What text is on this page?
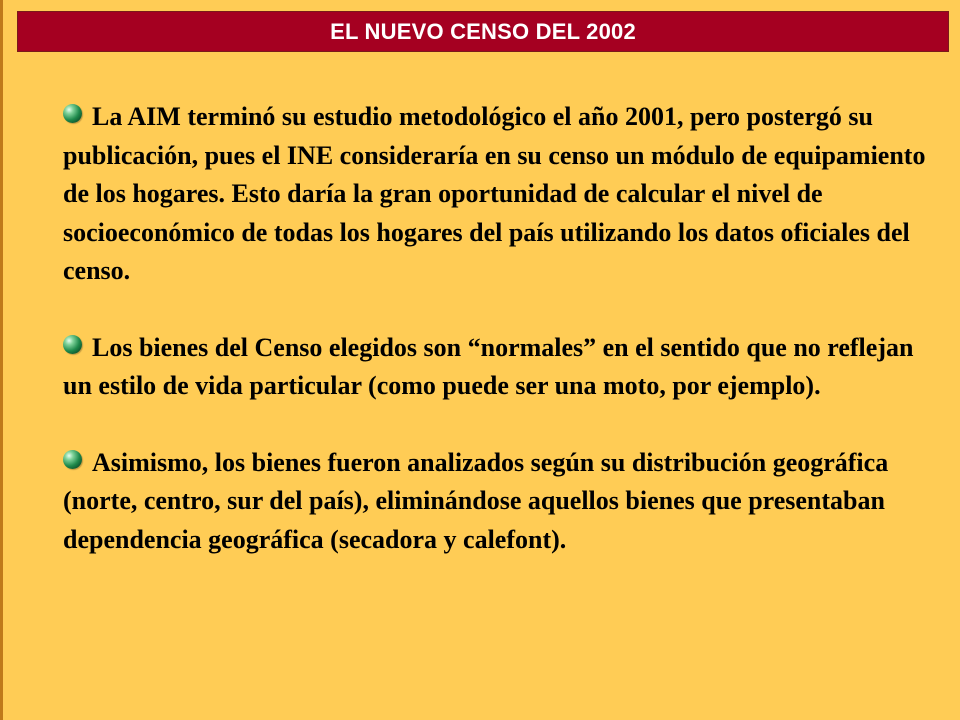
EL NUEVO CENSO DEL 2002

La AIM terminó su estudio metodológico el año 2001, pero postergó su publicación, pues el INE consideraría en su censo un módulo de equipamiento de los hogares. Esto daría la gran oportunidad de calcular el nivel de socioeconómico de todas los hogares del país utilizando los datos oficiales del censo.

Los bienes del Censo elegidos son “normales” en el sentido que no reflejan un estilo de vida particular (como puede ser una moto, por ejemplo).

Asimismo, los bienes fueron analizados según su distribución geográfica (norte, centro, sur del país), eliminándose aquellos bienes que presentaban dependencia geográfica (secadora y calefont).
